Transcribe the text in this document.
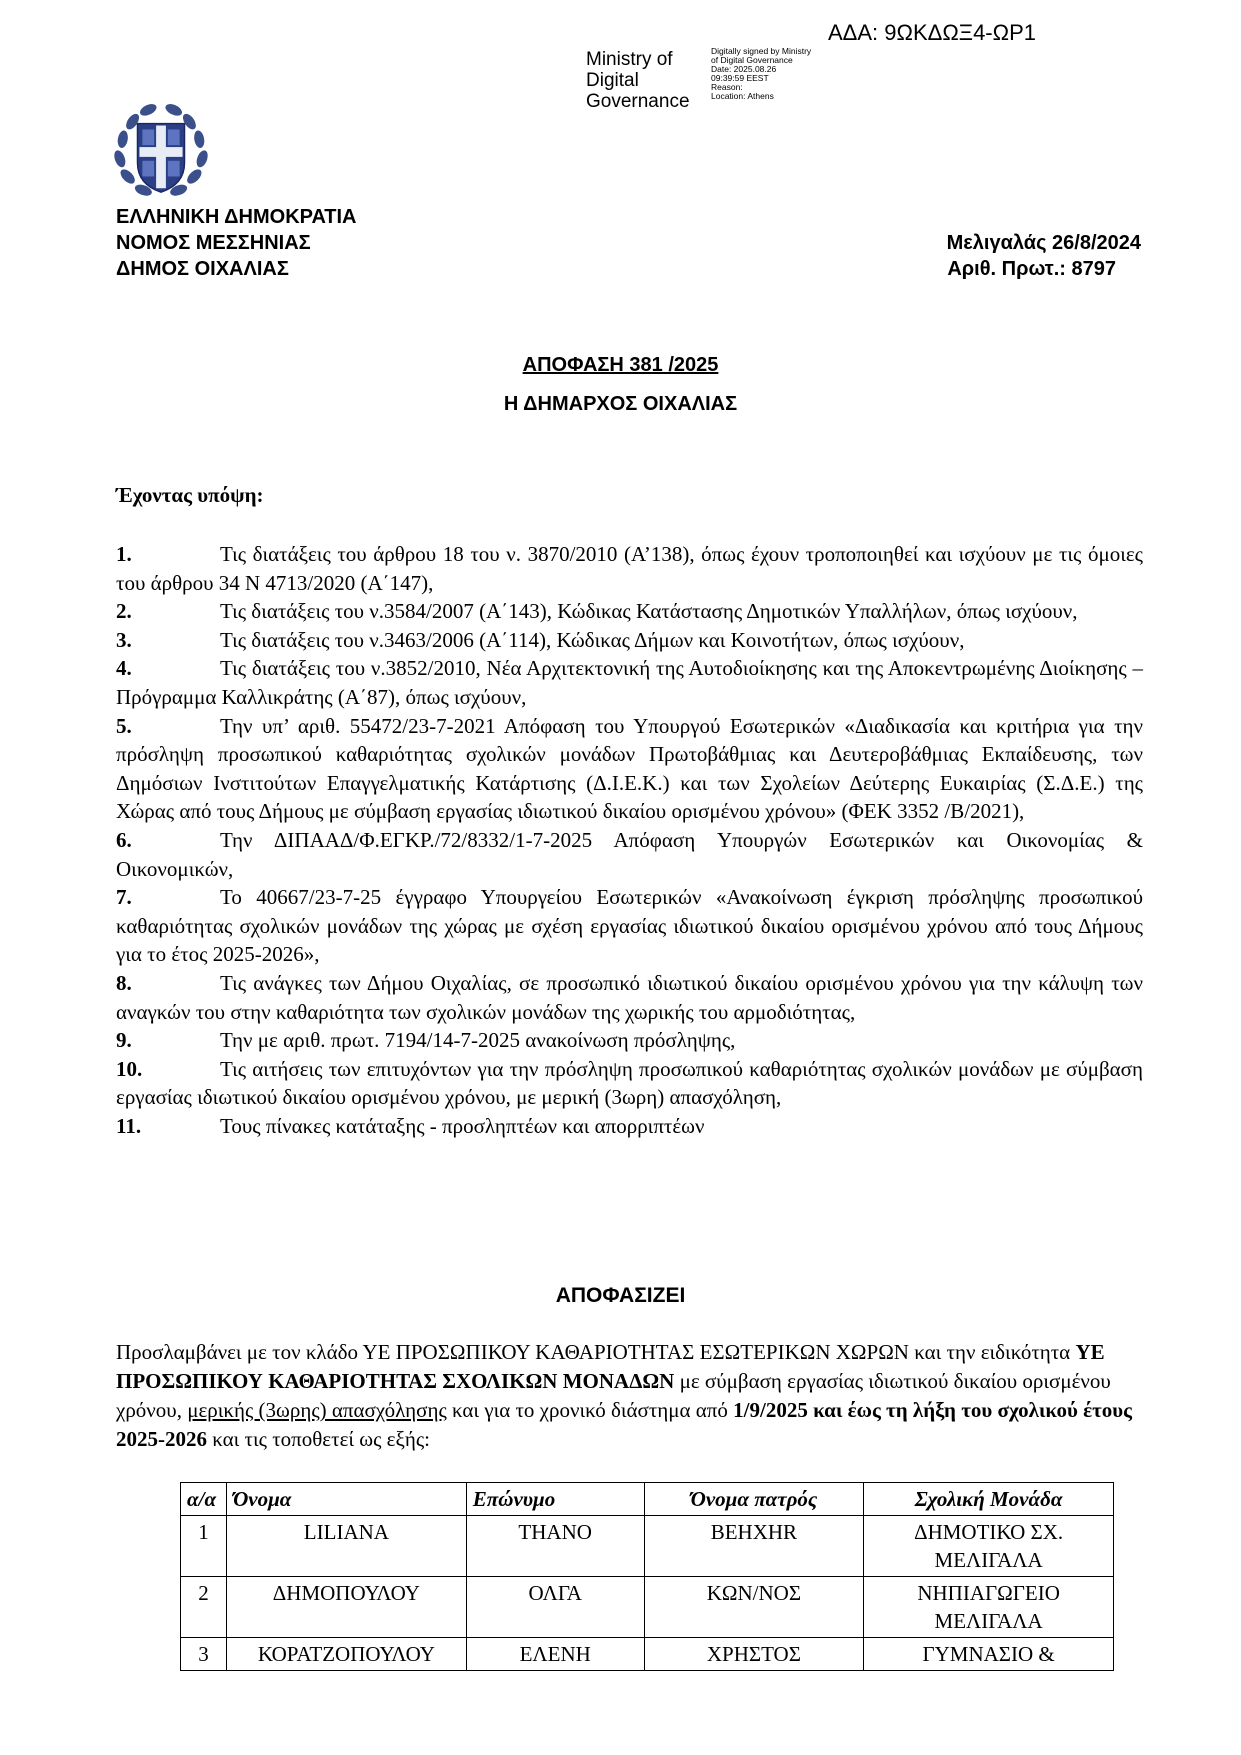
ΑΔΑ: 9ΩΚΔΩΞ4-ΩΡ1
Ministry of
Digital
Governance
Digitally signed by Ministry
of Digital Governance
Date: 2025.08.26
09:39:59 EEST
Reason:
Location: Athens
ΕΛΛΗΝΙΚΗ ΔΗΜΟΚΡΑΤΙΑ
ΝΟΜΟΣ ΜΕΣΣΗΝΙΑΣ
ΔΗΜΟΣ ΟΙΧΑΛΙΑΣ
Μελιγαλάς 26/8/2024
Αριθ. Πρωτ.: 8797
ΑΠΟΦΑΣΗ 381 /2025
Η ΔΗΜΑΡΧΟΣ ΟΙΧΑΛΙΑΣ
Έχοντας υπόψη:
1.	Τις διατάξεις του άρθρου 18 του ν. 3870/2010 (Α’138), όπως έχουν τροποποιηθεί και ισχύουν με τις όμοιες του άρθρου 34 Ν 4713/2020 (Α΄147),
2.	Τις διατάξεις του ν.3584/2007 (Α΄143), Κώδικας Κατάστασης Δημοτικών Υπαλλήλων, όπως ισχύουν,
3.	Τις διατάξεις του ν.3463/2006 (Α΄114), Κώδικας Δήμων και Κοινοτήτων, όπως ισχύουν,
4.	Τις διατάξεις του ν.3852/2010, Νέα Αρχιτεκτονική της Αυτοδιοίκησης και της Αποκεντρωμένης Διοίκησης – Πρόγραμμα Καλλικράτης (Α΄87), όπως ισχύουν,
5.	Την υπ’ αριθ. 55472/23-7-2021 Απόφαση του Υπουργού Εσωτερικών «Διαδικασία και κριτήρια για την πρόσληψη προσωπικού καθαριότητας σχολικών μονάδων Πρωτοβάθμιας και Δευτεροβάθμιας Εκπαίδευσης, των Δημόσιων Ινστιτούτων Επαγγελματικής Κατάρτισης (Δ.Ι.Ε.Κ.) και των Σχολείων Δεύτερης Ευκαιρίας (Σ.Δ.Ε.) της Χώρας από τους Δήμους με σύμβαση εργασίας ιδιωτικού δικαίου ορισμένου χρόνου» (ΦΕΚ 3352 /Β/2021),
6.	Την ΔΙΠΑΑΔ/Φ.ΕΓΚΡ./72/8332/1-7-2025 Απόφαση Υπουργών Εσωτερικών και Οικονομίας & Οικονομικών,
7.	Το 40667/23-7-25 έγγραφο Υπουργείου Εσωτερικών «Ανακοίνωση έγκριση πρόσληψης προσωπικού καθαριότητας σχολικών μονάδων της χώρας με σχέση εργασίας ιδιωτικού δικαίου ορισμένου χρόνου από τους Δήμους για το έτος 2025-2026»,
8.	Τις ανάγκες των Δήμου Οιχαλίας, σε προσωπικό ιδιωτικού δικαίου ορισμένου χρόνου για την κάλυψη των αναγκών του στην καθαριότητα των σχολικών μονάδων της χωρικής του αρμοδιότητας,
9.	Την με αριθ. πρωτ. 7194/14-7-2025 ανακοίνωση πρόσληψης,
10.	Τις αιτήσεις των επιτυχόντων για την πρόσληψη προσωπικού καθαριότητας σχολικών μονάδων με σύμβαση εργασίας ιδιωτικού δικαίου ορισμένου χρόνου, με μερική (3ωρη) απασχόληση,
11.	Τους πίνακες κατάταξης - προσληπτέων και απορριπτέων
ΑΠΟΦΑΣΙΖΕΙ
Προσλαμβάνει με τον κλάδο ΥΕ ΠΡΟΣΩΠΙΚΟΥ ΚΑΘΑΡΙΟΤΗΤΑΣ ΕΣΩΤΕΡΙΚΩΝ ΧΩΡΩΝ και την ειδικότητα ΥΕ ΠΡΟΣΩΠΙΚΟΥ ΚΑΘΑΡΙΟΤΗΤΑΣ ΣΧΟΛΙΚΩΝ ΜΟΝΑΔΩΝ με σύμβαση εργασίας ιδιωτικού δικαίου ορισμένου χρόνου, μερικής (3ωρης) απασχόλησης και για το χρονικό διάστημα από 1/9/2025 και έως τη λήξη του σχολικού έτους 2025-2026 και τις τοποθετεί ως εξής:
α/α	Όνομα	Επώνυμο	Όνομα πατρός	Σχολική Μονάδα
1	LILIANA	THANO	BEHXHR	ΔΗΜΟΤΙΚΟ ΣΧ. ΜΕΛΙΓΑΛΑ
2	ΔΗΜΟΠΟΥΛΟΥ	ΟΛΓΑ	ΚΩΝ/ΝΟΣ	ΝΗΠΙΑΓΩΓΕΙΟ ΜΕΛΙΓΑΛΑ
3	ΚΟΡΑΤΖΟΠΟΥΛΟΥ	ΕΛΕΝΗ	ΧΡΗΣΤΟΣ	ΓΥΜΝΑΣΙΟ &
